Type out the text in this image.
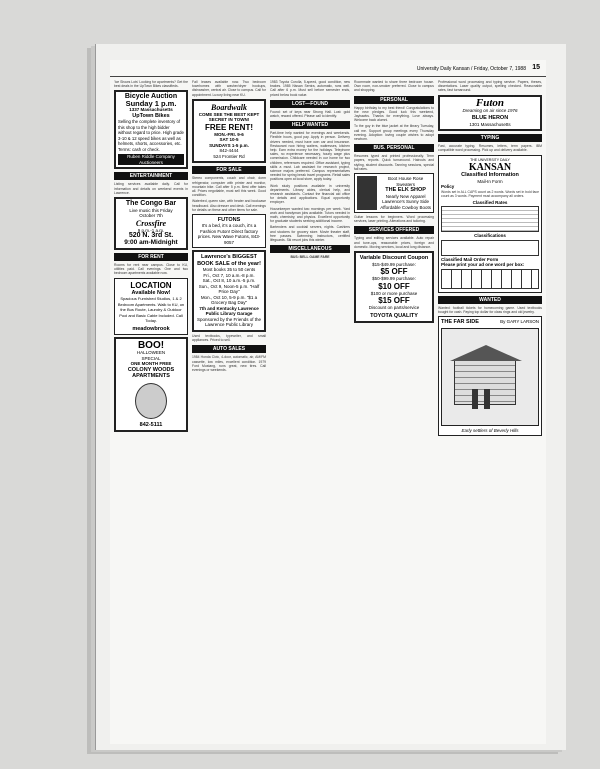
University Daily Kansan / Friday, October 7, 1988 15
'Ice Shows Lots' Looking for apartments? Get the best deals in the UpTown Bikes classifieds.
Bicycle Auction
Sunday 1 p.m.
1337 Massachusetts
UpTown Bikes
Selling the complete inventory of this shop to the high bidder without regard to price. High grade 3-10 & 12 speed bikes as well as helmets, shorts, accessories, etc. Terms: cash or check.
Ruben Riddle Company Auctioneers
ENTERTAINMENT
Listing services available daily. Call for information and details on weekend events in Lawrence.
The Congo Bar
Live music this Friday
October 7th
Crossfire
9 p.m.-1 a.m.
520 N. 3rd St.
9:00 am-Midnight
FOR RENT
Rooms for rent near campus. Close to KU, utilities paid. Call evenings. One and two bedroom apartments available now.
LOCATION
Available Now!
Spacious Furnished Studios, 1 & 2 Bedroom Apartments. Walk to KU, on the Bus Route, Laundry & Outdoor Pool and Basic Cable Included. Call Today.
meadowbrook
BOO!
HALLOWEEN
SPECIAL
ONE MONTH FREE
COLONY WOODS APARTMENTS
842-5111
Fall leases available now. Two bedroom townhomes with washer/dryer hookups, dishwasher, central air. Close to campus. Call for appointment. Luxury living near KU.
Boardwalk
COME SEE THE BEST KEPT SECRET IN TOWN!
FREE RENT!
MON.-FRI. 9-6
SAT 10-5
SUNDAYS 1-5 p.m.
842-4444
524 Frontier Rd
FOR SALE
Stereo components, couch and chair, dorm refrigerator, computer with printer and monitor, mountain bike. Call after 5 p.m. Best offer takes all. Prices negotiable, must sell this week. Good condition.
Waterbed, queen size, with heater and bookcase headboard. Also dresser and desk. Call evenings for details on these and other items for sale.
FUTONS
It's a bed, it's a couch, it's a Fashion Futon! Direct factory prices. New Wave Futons, 843-9057
Lawrence's BIGGEST BOOK SALE of the year!
Most books 35 to 50 cents
Fri., Oct 7, 10 a.m.-8 p.m.
Sat., Oct 8, 10 a.m.-5 p.m.
Sun., Oct 9, Noon-5 p.m. "Half Price Day"
Mon., Oct 10, 5-9 p.m. "$1 a Grocery Bag Day"
7th and Kentucky Lawrence Public Library Garage
Sponsored by the Friends of the Lawrence Public Library
Used textbooks, typewriter, and small appliances. Priced to sell.
AUTO SALES
1984 Honda Civic, 4-door, automatic, air, AM/FM cassette, low miles, excellent condition. 1979 Ford Mustang, runs great, new tires. Call evenings or weekends.
1983 Toyota Corolla, 5-speed, good condition, new brakes. 1985 Nissan Sentra, automatic, runs well. Call after 6 p.m. Must sell before semester ends, priced below book value.
LOST—FOUND
Found: set of keys near Strong Hall. Lost: gold watch, reward offered. Please call to identify.
HELP WANTED
Part-time help wanted for evenings and weekends. Flexible hours, good pay. Apply in person. Delivery drivers needed, must have own car and insurance. Restaurant now hiring waiters, waitresses, kitchen help. Earn extra money for the holidays. Telephone sales, no experience necessary, hourly wage plus commission. Childcare needed in our home for two children, references required. Office assistant, typing skills a must. Lab assistant for research project, science majors preferred. Campus representatives needed for spring break travel programs. Retail sales positions open at local store, apply today.
Work study positions available in university departments. Library aides, clerical help, and research assistants. Contact the financial aid office for details and applications. Equal opportunity employer.
Housekeeper wanted two mornings per week. Yard work and handyman jobs available. Tutors needed in math, chemistry, and physics. Excellent opportunity for graduate students seeking additional income.
Bartenders and cocktail servers, nights. Cashiers and stockers for grocery store. Movie theater staff, free passes. Swimming instructors, certified lifeguards. Ski resort jobs this winter.
MISCELLANEOUS
BUS: BELL GAME FARE
Roommate wanted to share three bedroom house. Own room, non-smoker preferred. Close to campus and shopping.
PERSONAL
Happy birthday to my best friend! Congratulations to the new pledges. Good luck this weekend, Jayhawks. Thanks for everything. Love always. Welcome back alumni.
To the guy in the blue jacket at the library Tuesday, call me. Support group meetings every Thursday evening. Adoption: loving couple wishes to adopt newborn.
BUS. PERSONAL
Resumes typed and printed professionally. Term papers, reports. Quick turnaround. Haircuts and styling, student discounts. Tanning sessions, special fall rates.
Boot House Rose Sweaters
THE ELK SHOP
Nearly New Apparel
Lawrence's Sunny Side
Affordable Cowboy Boots
Guitar lessons for beginners. Word processing services, laser printing. Alterations and tailoring.
SERVICES OFFERED
Typing and editing services available. Auto repair and tune-ups, reasonable prices, foreign and domestic. Moving services, local and long distance.
Variable Discount Coupon
$15-$49.99 purchase:
$5 OFF
$50-$99.99 purchase:
$10 OFF
$100 or more purchase
$15 OFF
Discount on parts/service
TOYOTA QUALITY
Professional word processing and typing service. Papers, theses, dissertations. Laser quality output, spelling checked. Reasonable rates, fast turnaround.
Futon
Dreaming on air since 1976
BLUE HERON
1301 Massachusetts
TYPING
Fast, accurate typing. Resumes, letters, term papers. IBM compatible word processing. Pick up and delivery available.
THE UNIVERSITY DAILY
KANSAN
Classified Information
Mail-In Form
Policy
Words set in ALL CAPS count as 2 words. Words set in bold face count as 3 words. Payment must accompany all orders.
Classified Rates
Classifications
Classified Mail Order Form
Please print your ad one word per box:
WANTED
Wanted: football tickets for homecoming game. Used textbooks bought for cash. Paying top dollar for class rings and old jewelry.
THE FAR SIDE	By GARY LARSON
Early settlers of Beverly Hills
